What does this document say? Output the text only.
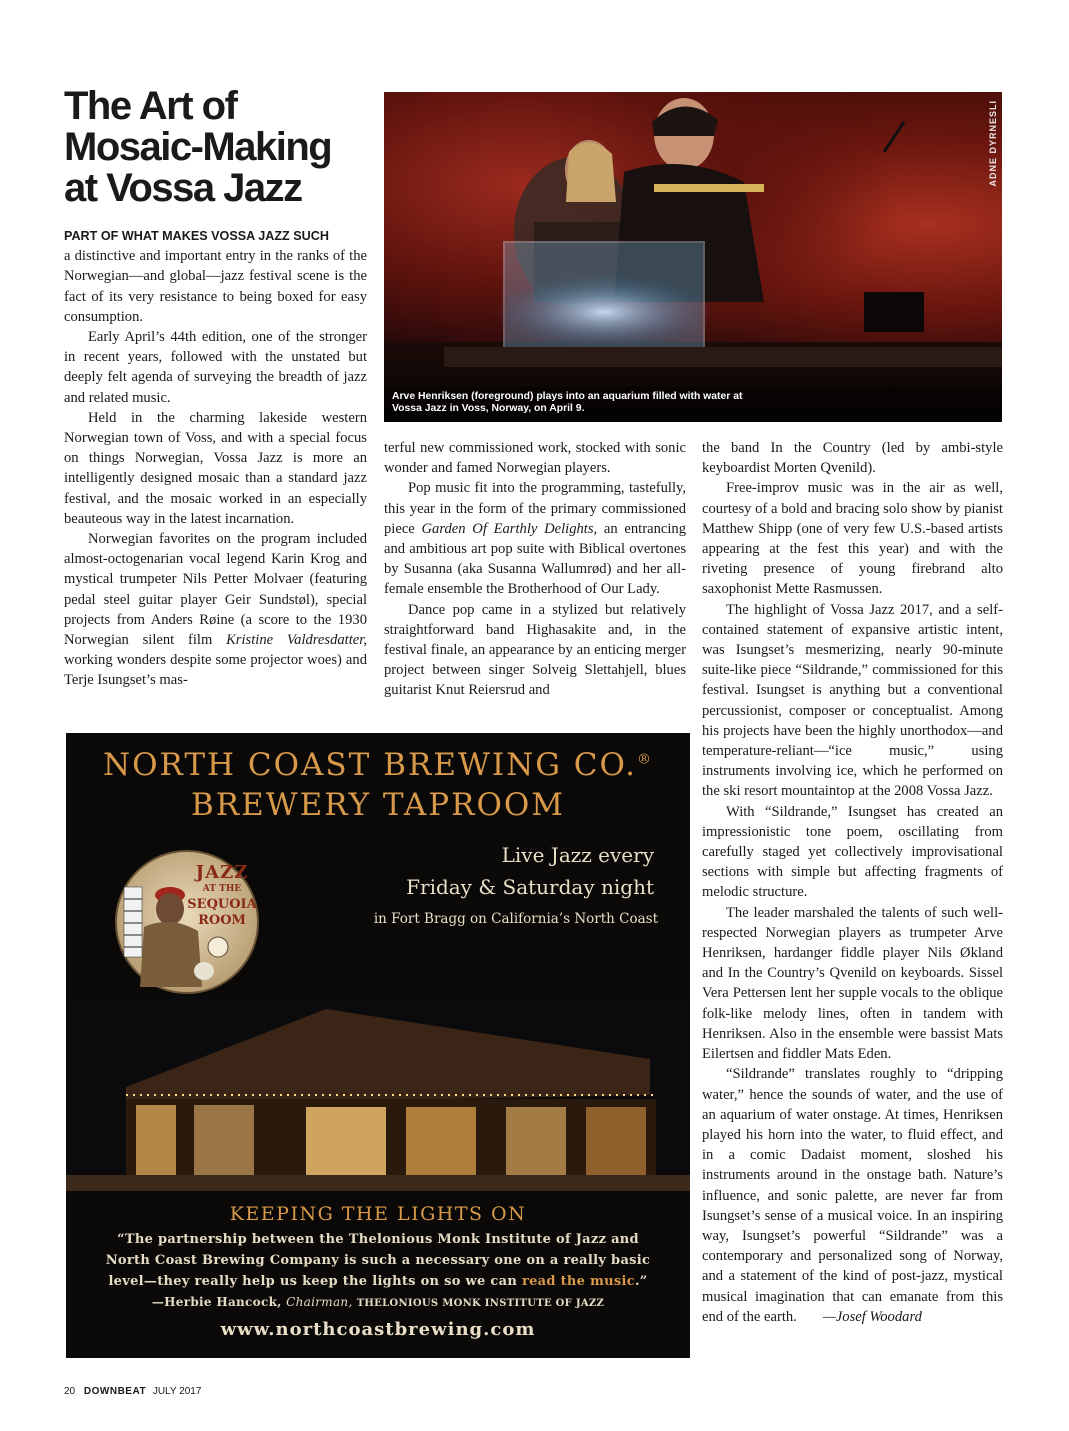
The Art of Mosaic-Making at Vossa Jazz

PART OF WHAT MAKES VOSSA JAZZ SUCH
a distinctive and important entry in the ranks of the Norwegian—and global—jazz festival scene is the fact of its very resistance to being boxed for easy consumption.

Early April’s 44th edition, one of the stronger in recent years, followed with the unstated but deeply felt agenda of surveying the breadth of jazz and related music.

Held in the charming lakeside western Norwegian town of Voss, and with a special focus on things Norwegian, Vossa Jazz is more an intelligently designed mosaic than a standard jazz festival, and the mosaic worked in an especially beauteous way in the latest incarnation.

Norwegian favorites on the program included almost-octogenarian vocal legend Karin Krog and mystical trumpeter Nils Petter Molvaer (featuring pedal steel guitar player Geir Sundstøl), special projects from Anders Røine (a score to the 1930 Norwegian silent film Kristine Valdresdatter, working wonders despite some projector woes) and Terje Isungset’s mas-

ADNE DYRNESLI
Arve Henriksen (foreground) plays into an aquarium filled with water at Vossa Jazz in Voss, Norway, on April 9.

terful new commissioned work, stocked with sonic wonder and famed Norwegian players.

Pop music fit into the programming, tastefully, this year in the form of the primary commissioned piece Garden Of Earthly Delights, an entrancing and ambitious art pop suite with Biblical overtones by Susanna (aka Susanna Wallumrød) and her all-female ensemble the Brotherhood of Our Lady.

Dance pop came in a stylized but relatively straightforward band Highasakite and, in the festival finale, an appearance by an enticing merger project between singer Solveig Slettahjell, blues guitarist Knut Reiersrud and

the band In the Country (led by ambi-style keyboardist Morten Qvenild).

Free-improv music was in the air as well, courtesy of a bold and bracing solo show by pianist Matthew Shipp (one of very few U.S.-based artists appearing at the fest this year) and with the riveting presence of young firebrand alto saxophonist Mette Rasmussen.

The highlight of Vossa Jazz 2017, and a self-contained statement of expansive artistic intent, was Isungset’s mesmerizing, nearly 90-minute suite-like piece “Sildrande,” commissioned for this festival. Isungset is anything but a conventional percussionist, composer or conceptualist. Among his projects have been the highly unorthodox—and temperature-reliant—“ice music,” using instruments involving ice, which he performed on the ski resort mountaintop at the 2008 Vossa Jazz.

With “Sildrande,” Isungset has created an impressionistic tone poem, oscillating from carefully staged yet collectively improvisational sections with simple but affecting fragments of melodic structure.

The leader marshaled the talents of such well-respected Norwegian players as trumpeter Arve Henriksen, hardanger fiddle player Nils Økland and In the Country’s Qvenild on keyboards. Sissel Vera Pettersen lent her supple vocals to the oblique folk-like melody lines, often in tandem with Henriksen. Also in the ensemble were bassist Mats Eilertsen and fiddler Mats Eden.

“Sildrande” translates roughly to “dripping water,” hence the sounds of water, and the use of an aquarium of water onstage. At times, Henriksen played his horn into the water, to fluid effect, and in a comic Dadaist moment, sloshed his instruments around in the onstage bath. Nature’s influence, and sonic palette, are never far from Isungset’s sense of a musical voice. In an inspiring way, Isungset’s powerful “Sildrande” was a contemporary and personalized song of Norway, and a statement of the kind of post-jazz, mystical musical imagination that can emanate from this end of the earth. —Josef Woodard

NORTH COAST BREWING CO.®
BREWERY TAPROOM
JAZZ
AT THE
SEQUOIA
ROOM
Live Jazz every
Friday & Saturday night
in Fort Bragg on California’s North Coast
KEEPING THE LIGHTS ON
“The partnership between the Thelonious Monk Institute of Jazz and
North Coast Brewing Company is such a necessary one on a really basic
level—they really help us keep the lights on so we can read the music.”
—Herbie Hancock, Chairman, THELONIOUS MONK INSTITUTE OF JAZZ
www.northcoastbrewing.com
20 DOWNBEAT JULY 2017
